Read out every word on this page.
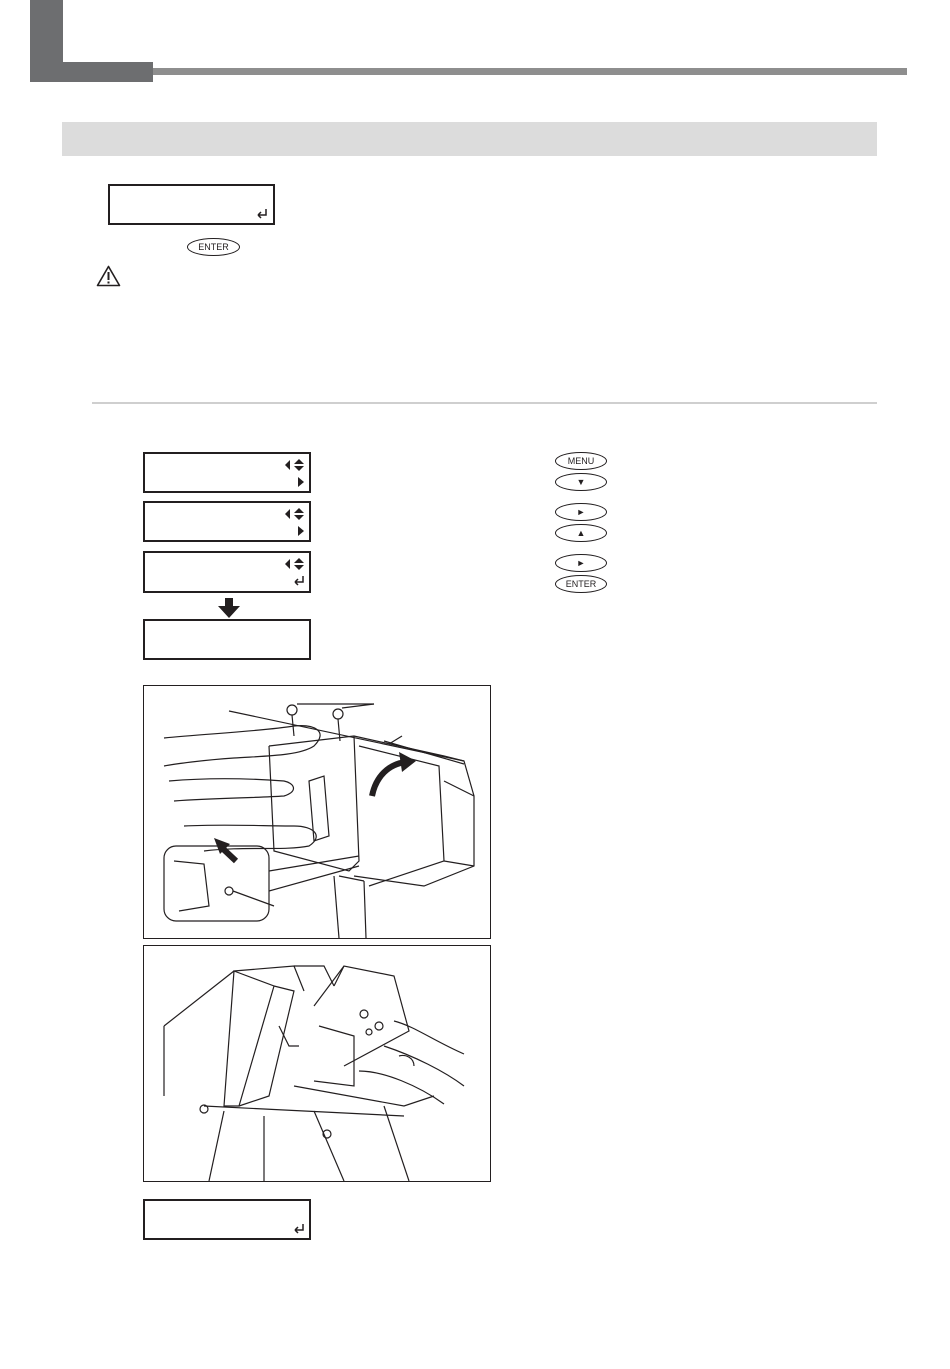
ENTER
MENU
▼
►
▲
►
ENTER
